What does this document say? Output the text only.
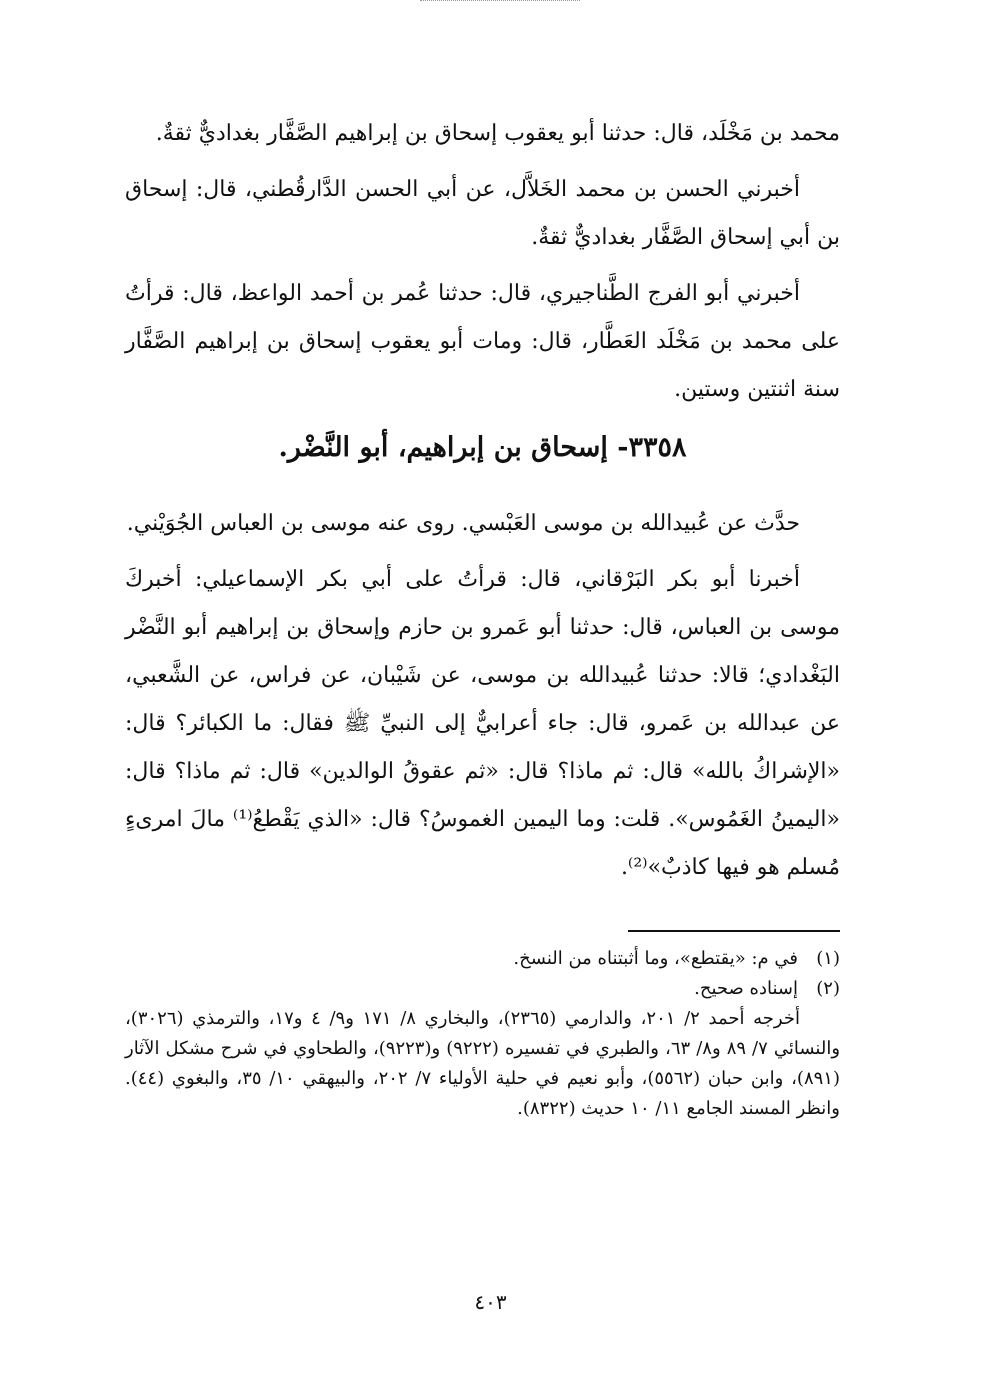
محمد بن مَخْلَد، قال: حدثنا أبو يعقوب إسحاق بن إبراهيم الصَّفَّار بغداديٌّ ثقةٌ.

أخبرني الحسن بن محمد الخَلاَّل، عن أبي الحسن الدَّارقُطني، قال: إسحاق بن أبي إسحاق الصَّفَّار بغداديٌّ ثقةٌ.

أخبرني أبو الفرج الطَّناجيري، قال: حدثنا عُمر بن أحمد الواعظ، قال: قرأتُ على محمد بن مَخْلَد العَطَّار، قال: ومات أبو يعقوب إسحاق بن إبراهيم الصَّفَّار سنة اثنتين وستين.

٣٣٥٨- إسحاق بن إبراهيم، أبو النَّضْر.

حدَّث عن عُبيدالله بن موسى العَبْسي. روى عنه موسى بن العباس الجُوَيْني.

أخبرنا أبو بكر البَرْقاني، قال: قرأتُ على أبي بكر الإسماعيلي: أخبركَ موسى بن العباس، قال: حدثنا أبو عَمرو بن حازم وإسحاق بن إبراهيم أبو النَّضْر البَغْدادي؛ قالا: حدثنا عُبيدالله بن موسى، عن شَيْبان، عن فراس، عن الشَّعبي، عن عبدالله بن عَمرو، قال: جاء أعرابيٌّ إلى النبيِّ ﷺ فقال: ما الكبائر؟ قال: «الإشراكُ بالله» قال: ثم ماذا؟ قال: «ثم عقوقُ الوالدين» قال: ثم ماذا؟ قال: «اليمينُ الغَمُوس». قلت: وما اليمين الغموسُ؟ قال: «الذي يَقْطعُ⁽¹⁾ مالَ امرىءٍ مُسلم هو فيها كاذبٌ»⁽²⁾.

(١)في م: «يقتطع»، وما أثبتناه من النسخ.

(٢)إسناده صحيح.

أخرجه أحمد ٢/ ٢٠١، والدارمي (٢٣٦٥)، والبخاري ٨/ ١٧١ و٩/ ٤ و١٧، والترمذي (٣٠٢٦)، والنسائي ٧/ ٨٩ و٨/ ٦٣، والطبري في تفسيره (٩٢٢٢) و(٩٢٢٣)، والطحاوي في شرح مشكل الآثار (٨٩١)، وابن حبان (٥٥٦٢)، وأبو نعيم في حلية الأولياء ٧/ ٢٠٢، والبيهقي ١٠/ ٣٥، والبغوي (٤٤). وانظر المسند الجامع ١١/ ١٠ حديث (٨٣٢٢).

٤٠٣
